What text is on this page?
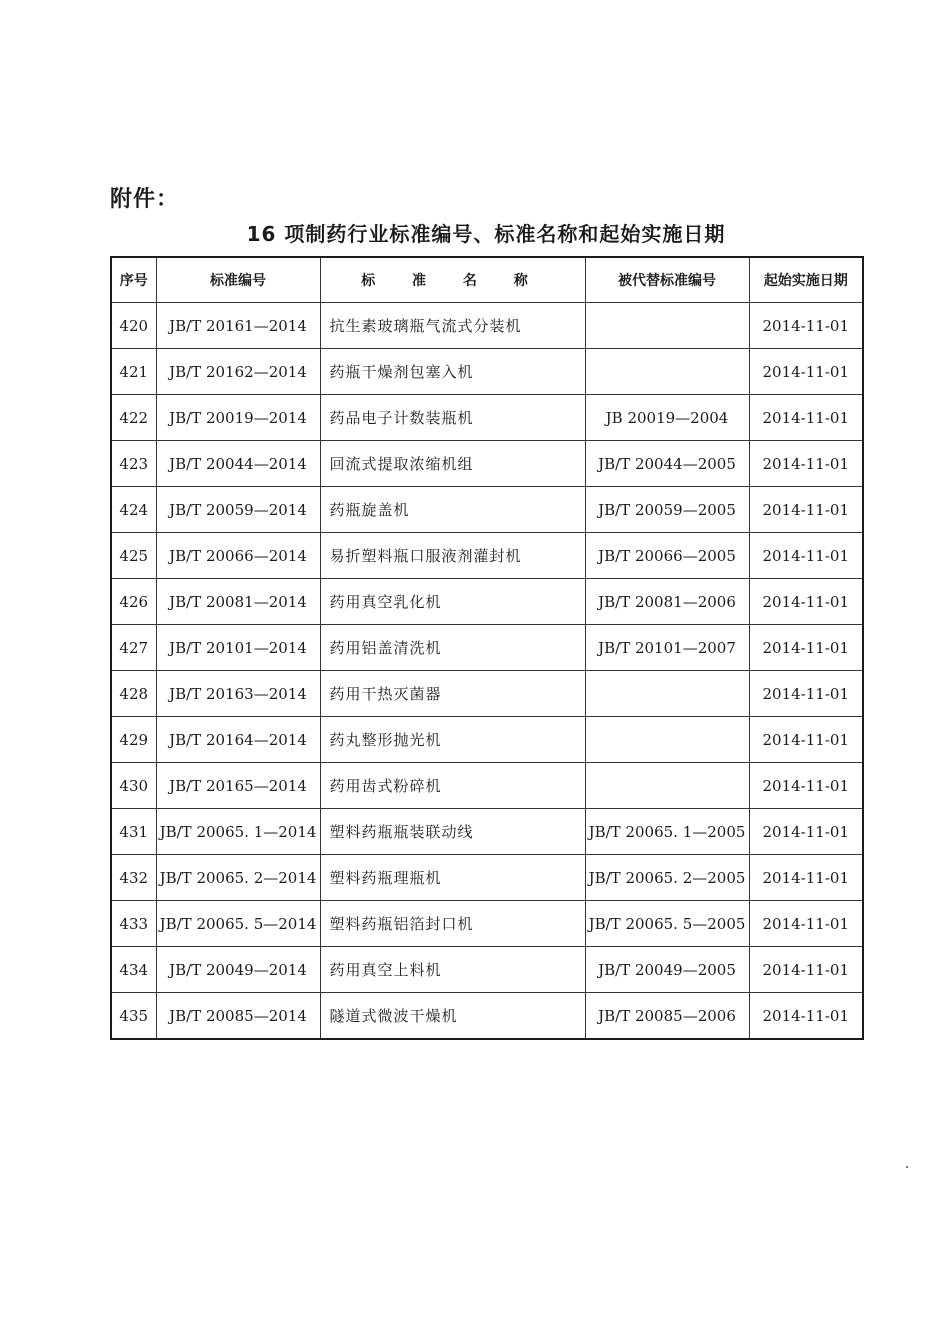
附件：
16 项制药行业标准编号、标准名称和起始实施日期
序号	标准编号	标 准 名 称	被代替标准编号	起始实施日期
420	JB/T 20161—2014	抗生素玻璃瓶气流式分装机		2014-11-01
421	JB/T 20162—2014	药瓶干燥剂包塞入机		2014-11-01
422	JB/T 20019—2014	药品电子计数装瓶机	JB 20019—2004	2014-11-01
423	JB/T 20044—2014	回流式提取浓缩机组	JB/T 20044—2005	2014-11-01
424	JB/T 20059—2014	药瓶旋盖机	JB/T 20059—2005	2014-11-01
425	JB/T 20066—2014	易折塑料瓶口服液剂灌封机	JB/T 20066—2005	2014-11-01
426	JB/T 20081—2014	药用真空乳化机	JB/T 20081—2006	2014-11-01
427	JB/T 20101—2014	药用铝盖清洗机	JB/T 20101—2007	2014-11-01
428	JB/T 20163—2014	药用干热灭菌器		2014-11-01
429	JB/T 20164—2014	药丸整形抛光机		2014-11-01
430	JB/T 20165—2014	药用齿式粉碎机		2014-11-01
431	JB/T 20065. 1—2014	塑料药瓶瓶装联动线	JB/T 20065. 1—2005	2014-11-01
432	JB/T 20065. 2—2014	塑料药瓶理瓶机	JB/T 20065. 2—2005	2014-11-01
433	JB/T 20065. 5—2014	塑料药瓶铝箔封口机	JB/T 20065. 5—2005	2014-11-01
434	JB/T 20049—2014	药用真空上料机	JB/T 20049—2005	2014-11-01
435	JB/T 20085—2014	隧道式微波干燥机	JB/T 20085—2006	2014-11-01
